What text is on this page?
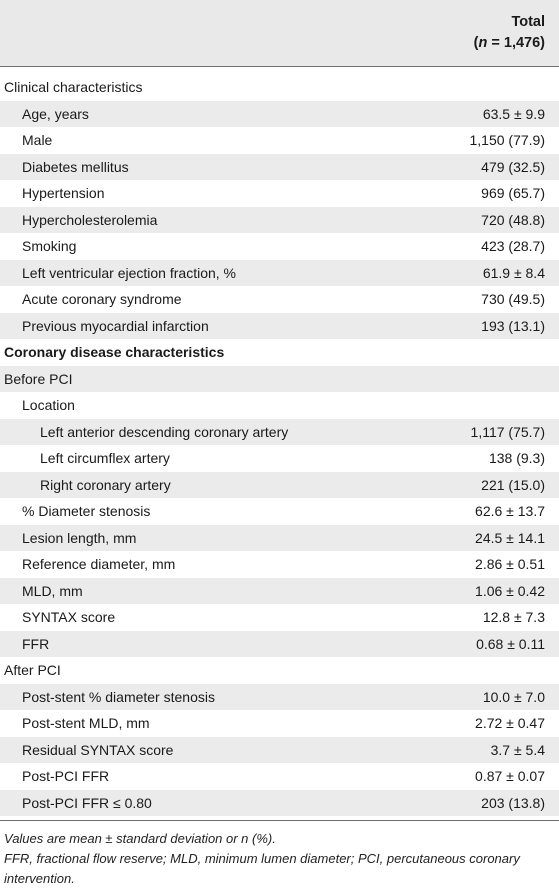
Total
(n = 1,476)
Clinical characteristics
Age, years	63.5 ± 9.9
Male	1,150 (77.9)
Diabetes mellitus	479 (32.5)
Hypertension	969 (65.7)
Hypercholesterolemia	720 (48.8)
Smoking	423 (28.7)
Left ventricular ejection fraction, %	61.9 ± 8.4
Acute coronary syndrome	730 (49.5)
Previous myocardial infarction	193 (13.1)
Coronary disease characteristics
Before PCI
Location
Left anterior descending coronary artery	1,117 (75.7)
Left circumflex artery	138 (9.3)
Right coronary artery	221 (15.0)
% Diameter stenosis	62.6 ± 13.7
Lesion length, mm	24.5 ± 14.1
Reference diameter, mm	2.86 ± 0.51
MLD, mm	1.06 ± 0.42
SYNTAX score	12.8 ± 7.3
FFR	0.68 ± 0.11
After PCI
Post-stent % diameter stenosis	10.0 ± 7.0
Post-stent MLD, mm	2.72 ± 0.47
Residual SYNTAX score	3.7 ± 5.4
Post-PCI FFR	0.87 ± 0.07
Post-PCI FFR ≤ 0.80	203 (13.8)
Values are mean ± standard deviation or n (%).
FFR, fractional flow reserve; MLD, minimum lumen diameter; PCI, percutaneous coronary intervention.
